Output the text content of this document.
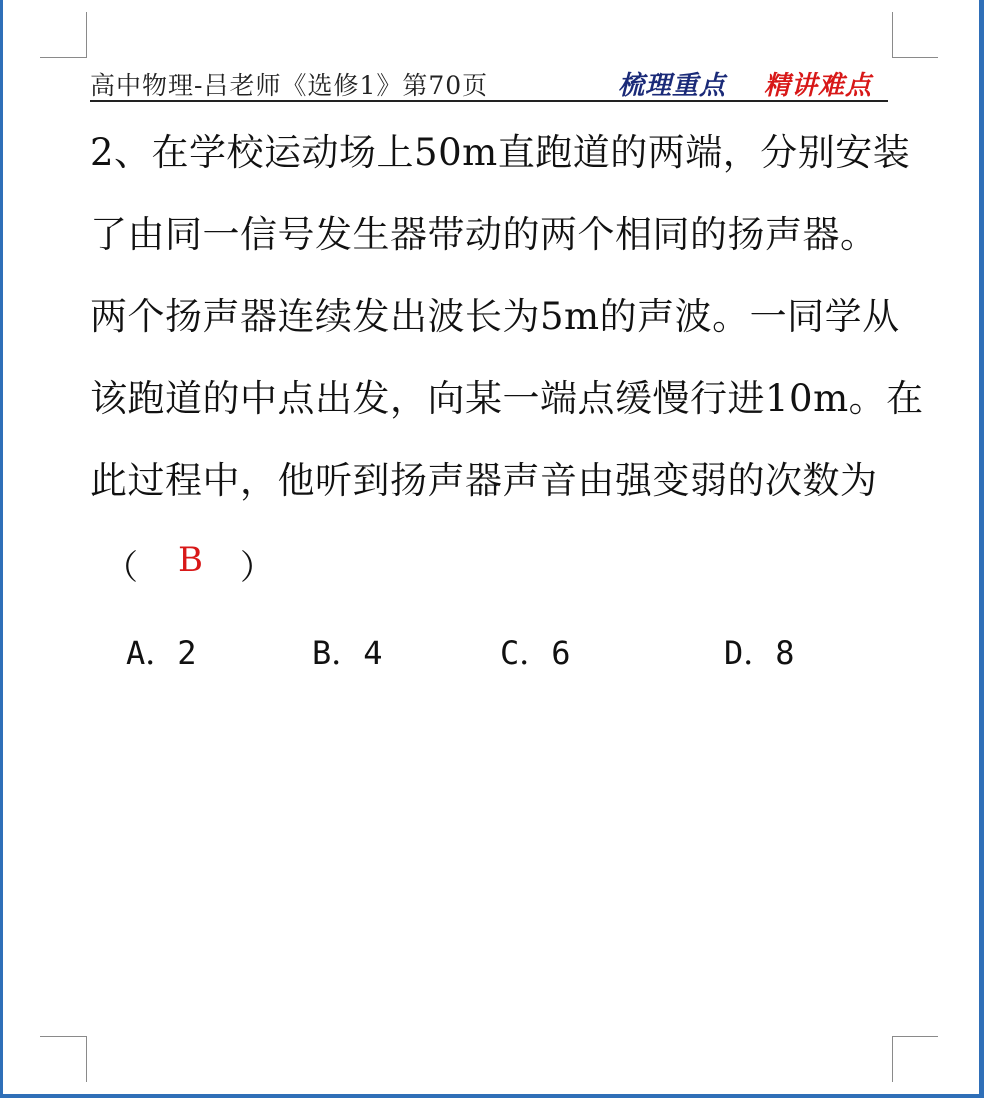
高中物理-吕老师《选修1》第70页	梳理重点 精讲难点
2、在学校运动场上50m直跑道的两端，分别安装
了由同一信号发生器带动的两个相同的扬声器。
两个扬声器连续发出波长为5m的声波。一同学从
该跑道的中点出发，向某一端点缓慢行进10m。在
此过程中，他听到扬声器声音由强变弱的次数为
（ B ）
A．2	B．4	C．6	D．8
